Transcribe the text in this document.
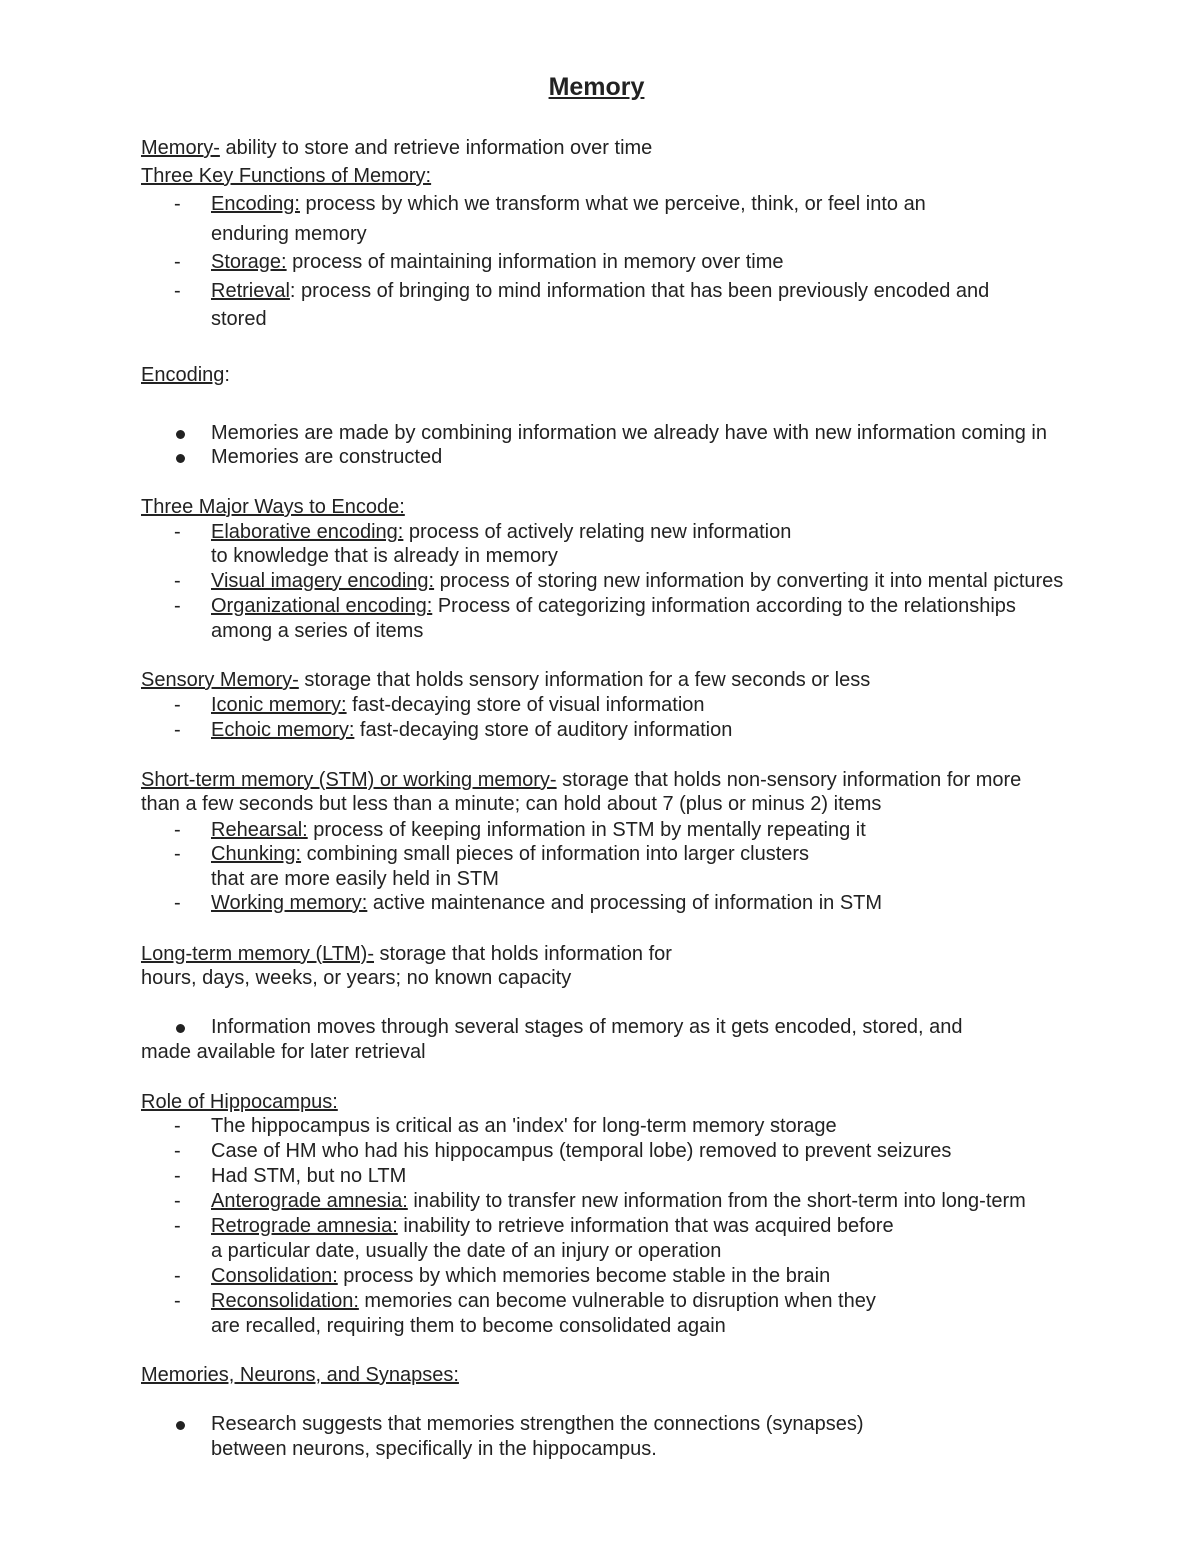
Memory
Memory- ability to store and retrieve information over time
Three Key Functions of Memory:
- Encoding: process by which we transform what we perceive, think, or feel into an
enduring memory
- Storage: process of maintaining information in memory over time
- Retrieval: process of bringing to mind information that has been previously encoded and
stored
Encoding:
Memories are made by combining information we already have with new information coming in
Memories are constructed
Three Major Ways to Encode:
- Elaborative encoding: process of actively relating new information
to knowledge that is already in memory
- Visual imagery encoding: process of storing new information by converting it into mental pictures
- Organizational encoding: Process of categorizing information according to the relationships
among a series of items
Sensory Memory- storage that holds sensory information for a few seconds or less
- Iconic memory: fast-decaying store of visual information
- Echoic memory: fast-decaying store of auditory information
Short-term memory (STM) or working memory- storage that holds non-sensory information for more
than a few seconds but less than a minute; can hold about 7 (plus or minus 2) items
- Rehearsal: process of keeping information in STM by mentally repeating it
- Chunking: combining small pieces of information into larger clusters
that are more easily held in STM
- Working memory: active maintenance and processing of information in STM
Long-term memory (LTM)- storage that holds information for
hours, days, weeks, or years; no known capacity
Information moves through several stages of memory as it gets encoded, stored, and
made available for later retrieval
Role of Hippocampus:
- The hippocampus is critical as an 'index' for long-term memory storage
- Case of HM who had his hippocampus (temporal lobe) removed to prevent seizures
- Had STM, but no LTM
- Anterograde amnesia: inability to transfer new information from the short-term into long-term
- Retrograde amnesia: inability to retrieve information that was acquired before
a particular date, usually the date of an injury or operation
- Consolidation: process by which memories become stable in the brain
- Reconsolidation: memories can become vulnerable to disruption when they
are recalled, requiring them to become consolidated again
Memories, Neurons, and Synapses:
Research suggests that memories strengthen the connections (synapses)
between neurons, specifically in the hippocampus.
